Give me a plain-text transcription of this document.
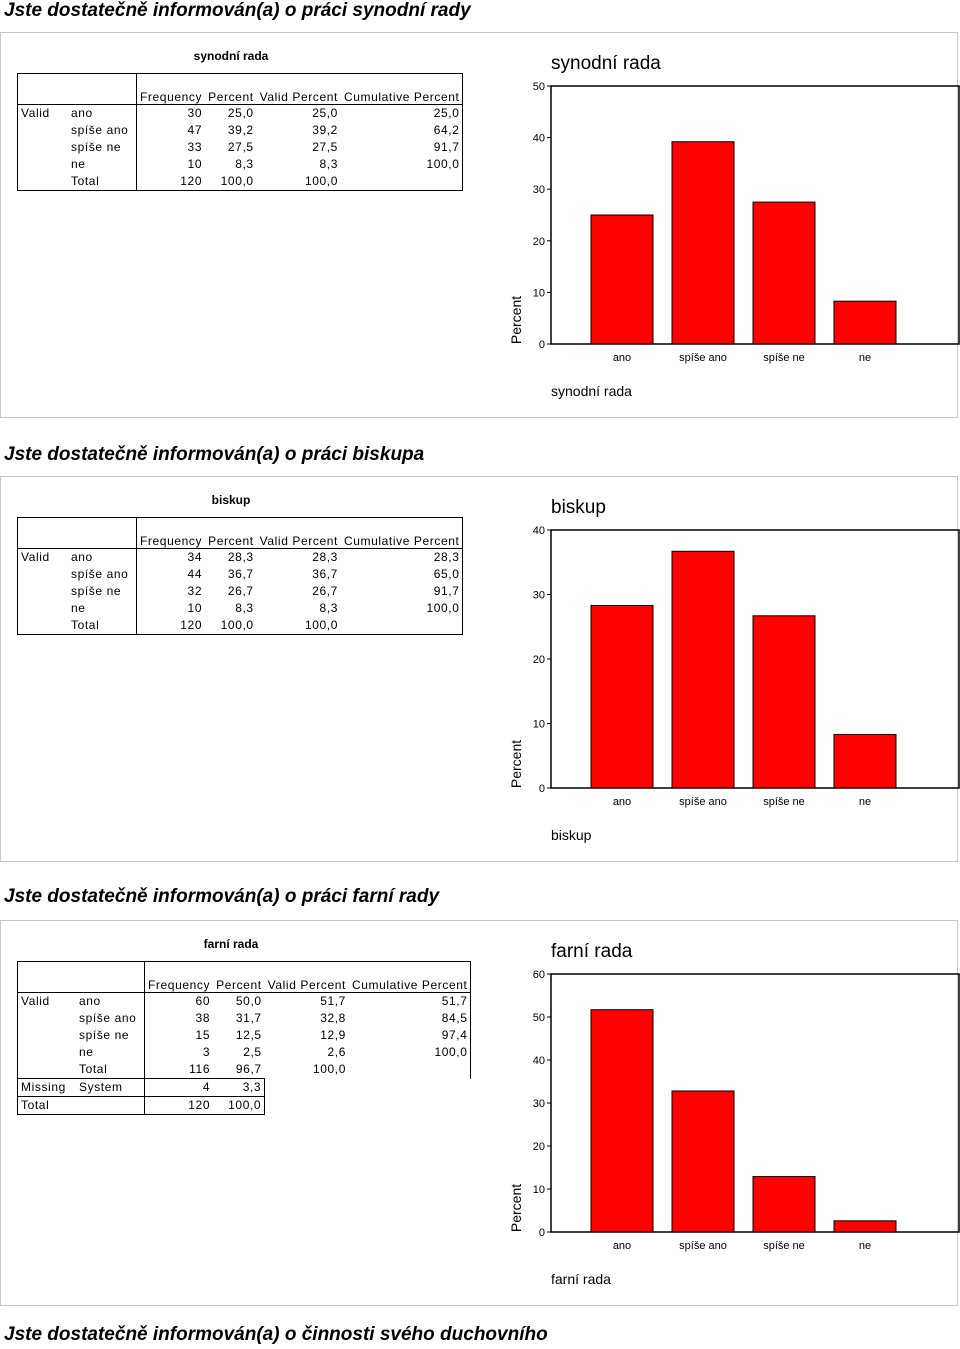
Jste dostatečně informován(a) o práci synodní rady
synodní rada
		Frequency	Percent	Valid Percent	Cumulative Percent
Valid	ano	30	25,0	25,0	25,0
	spíše ano	47	39,2	39,2	64,2
	spíše ne	33	27,5	27,5	91,7
	ne	10	8,3	8,3	100,0
	Total	120	100,0	100,0	
synodní rada
0
10
20
30
40
50
Percent
ano	spíše ano	spíše ne	ne
synodní rada
Jste dostatečně informován(a) o práci biskupa
biskup
		Frequency	Percent	Valid Percent	Cumulative Percent
Valid	ano	34	28,3	28,3	28,3
	spíše ano	44	36,7	36,7	65,0
	spíše ne	32	26,7	26,7	91,7
	ne	10	8,3	8,3	100,0
	Total	120	100,0	100,0	
biskup
0
10
20
30
40
Percent
ano	spíše ano	spíše ne	ne
biskup
Jste dostatečně informován(a) o práci farní rady
farní rada
		Frequency	Percent	Valid Percent	Cumulative Percent
Valid	ano	60	50,0	51,7	51,7
	spíše ano	38	31,7	32,8	84,5
	spíše ne	15	12,5	12,9	97,4
	ne	3	2,5	2,6	100,0
	Total	116	96,7	100,0	
Missing	System	4	3,3		
Total		120	100,0		
farní rada
0
10
20
30
40
50
60
Percent
ano	spíše ano	spíše ne	ne
farní rada
Jste dostatečně informován(a) o činnosti svého duchovního
